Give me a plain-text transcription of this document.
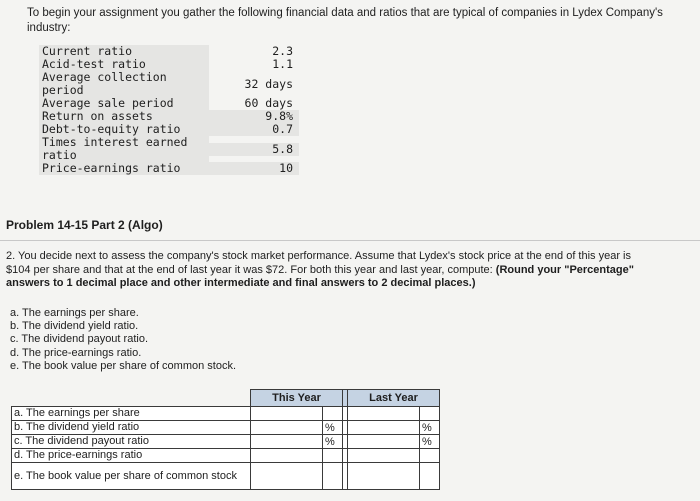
To begin your assignment you gather the following financial data and ratios that are typical of companies in Lydex Company's industry:
Current ratio	2.3
Acid-test ratio	1.1
Average collection period	32 days
Average sale period	60 days
Return on assets	9.8%
Debt-to-equity ratio	0.7
Times interest earned ratio	5.8
Price-earnings ratio	10
Problem 14-15 Part 2 (Algo)
2. You decide next to assess the company's stock market performance. Assume that Lydex's stock price at the end of this year is $104 per share and that at the end of last year it was $72. For both this year and last year, compute: (Round your "Percentage" answers to 1 decimal place and other intermediate and final answers to 2 decimal places.)
a. The earnings per share.
b. The dividend yield ratio.
c. The dividend payout ratio.
d. The price-earnings ratio.
e. The book value per share of common stock.
	This Year			Last Year	
a. The earnings per share					
b. The dividend yield ratio		%			%
c. The dividend payout ratio		%			%
d. The price-earnings ratio					
e. The book value per share of common stock					
